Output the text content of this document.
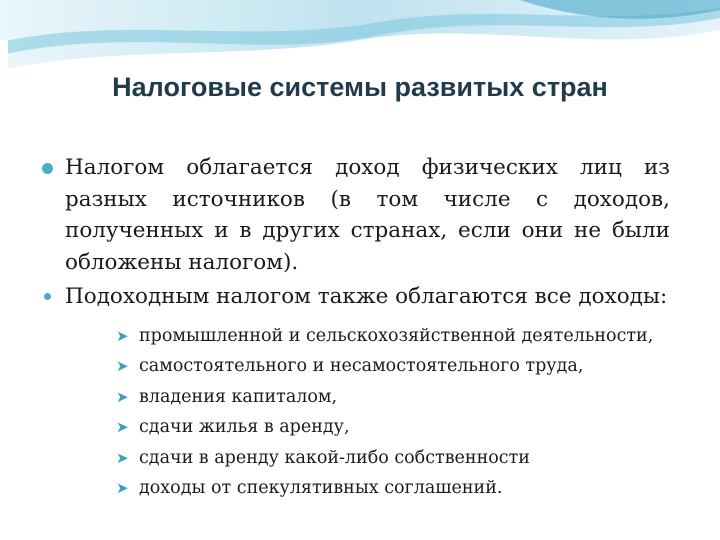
Налоговые системы развитых стран

Налогом облагается доход физических лиц из разных источников (в том числе с доходов, полученных и в других странах, если они не были обложены налогом).

Подоходным налогом также облагаются все доходы:
➤ промышленной и сельскохозяйственной деятельности,
➤ самостоятельного и несамостоятельного труда,
➤ владения капиталом,
➤ сдачи жилья в аренду,
➤ сдачи в аренду какой-либо собственности
➤ доходы от спекулятивных соглашений.
